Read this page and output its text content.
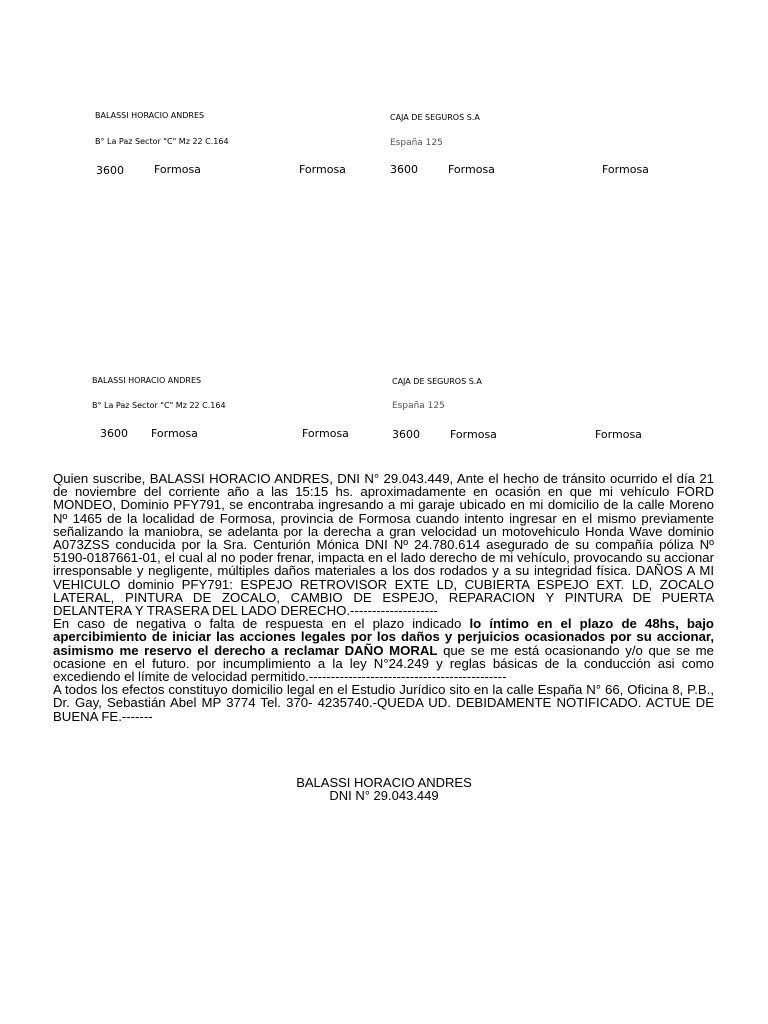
BALASSI HORACIO ANDRES
B° La Paz Sector "C" Mz 22 C.164
3600	Formosa	Formosa
CAJA DE SEGUROS S.A
España 125
3600	Formosa	Formosa
BALASSI HORACIO ANDRES
B° La Paz Sector "C" Mz 22 C.164
3600 Formosa	Formosa
CAJA DE SEGUROS S.A
España 125
3600	Formosa	Formosa

Quien suscribe, BALASSI HORACIO ANDRES, DNI N° 29.043.449, Ante el hecho de tránsito ocurrido el día 21 de noviembre del corriente año a las 15:15 hs. aproximadamente en ocasión en que mi vehículo FORD MONDEO, Dominio PFY791, se encontraba ingresando a mi garaje ubicado en mi domicilio de la calle Moreno Nº 1465 de la localidad de Formosa, provincia de Formosa cuando intento ingresar en el mismo previamente señalizando la maniobra, se adelanta por la derecha a gran velocidad un motovehiculo Honda Wave dominio A073ZSS conducida por la Sra. Centurión Mónica DNI Nº 24.780.614 asegurado de su compañía póliza Nº 5190-0187661-01, el cual al no poder frenar, impacta en el lado derecho de mi vehículo, provocando su accionar irresponsable y negligente, múltiples daños materiales a los dos rodados y a su integridad física. DAÑOS A MI VEHICULO dominio PFY791: ESPEJO RETROVISOR EXTE LD, CUBIERTA ESPEJO EXT. LD, ZOCALO LATERAL, PINTURA DE ZOCALO, CAMBIO DE ESPEJO, REPARACION Y PINTURA DE PUERTA DELANTERA Y TRASERA DEL LADO DERECHO.--------------------

En caso de negativa o falta de respuesta en el plazo indicado lo íntimo en el plazo de 48hs, bajo apercibimiento de iniciar las acciones legales por los daños y perjuicios ocasionados por su accionar, asimismo me reservo el derecho a reclamar DAÑO MORAL que se me está ocasionando y/o que se me ocasione en el futuro. por incumplimiento a la ley N°24.249 y reglas básicas de la conducción asi como excediendo el límite de velocidad permitido.---------------------------------------------

A todos los efectos constituyo domicilio legal en el Estudio Jurídico sito en la calle España N° 66, Oficina 8, P.B., Dr. Gay, Sebastián Abel MP 3774 Tel. 370- 4235740.-QUEDA UD. DEBIDAMENTE NOTIFICADO. ACTUE DE BUENA FE.-------

BALASSI HORACIO ANDRES
DNI N° 29.043.449
